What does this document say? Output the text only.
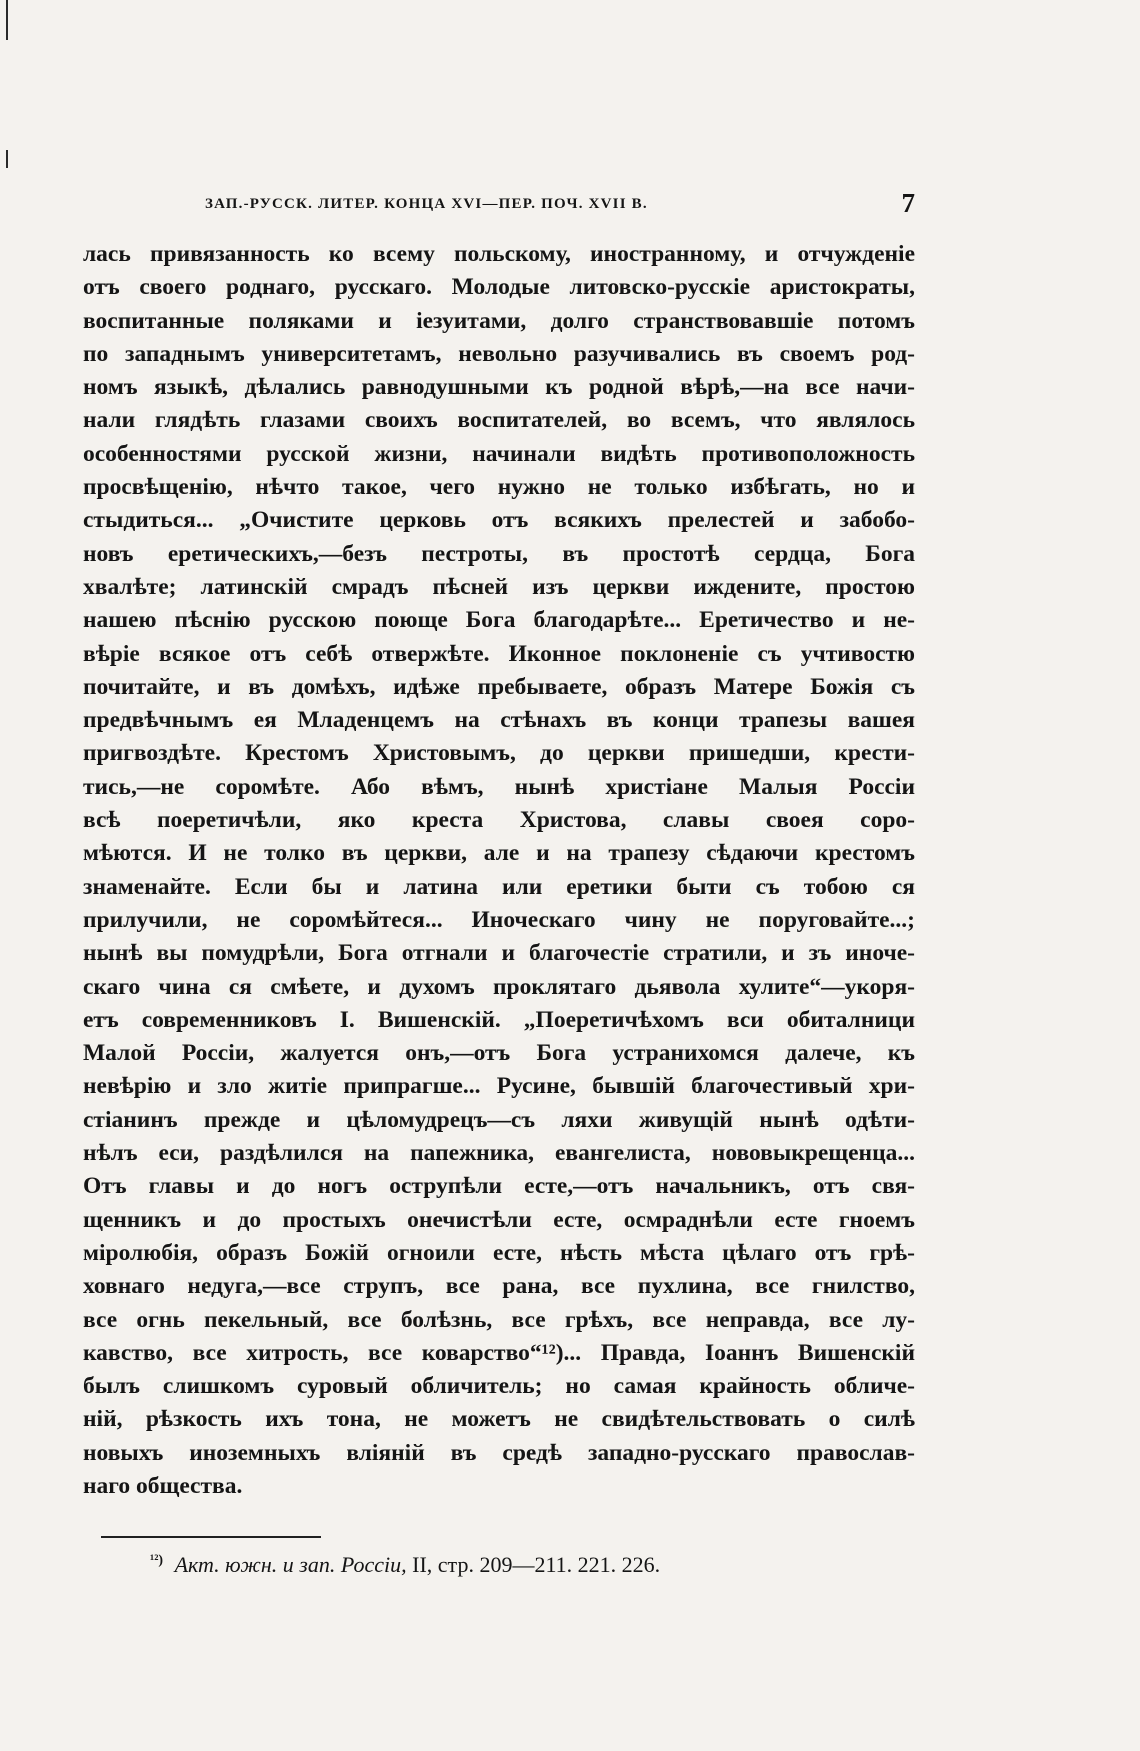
ЗАП.-РУССК. ЛИТЕР. КОНЦА XVI—ПЕР. ПОЧ. XVII В.	7
лась привязанность ко всему польскому, иностранному, и отчужденіе
отъ своего роднаго, русскаго. Молодые литовско-русскіе аристократы,
воспитанные поляками и іезуитами, долго странствовавшіе потомъ
по западнымъ университетамъ, невольно разучивались въ своемъ род-
номъ языкѣ, дѣлались равнодушными къ родной вѣрѣ,—на все начи-
нали глядѣть глазами своихъ воспитателей, во всемъ, что являлось
особенностями русской жизни, начинали видѣть противоположность
просвѣщенію, нѣчто такое, чего нужно не только избѣгать, но и
стыдиться... „Очистите церковь отъ всякихъ прелестей и забобо-
новъ еретическихъ,—безъ пестроты, въ простотѣ сердца, Бога
хвалѣте; латинскій смрадъ пѣсней изъ церкви иждените, простою
нашею пѣснію русскою поюще Бога благодарѣте... Еретичество и не-
вѣріе всякое отъ себѣ отвержѣте. Иконное поклоненіе съ учтивостю
почитайте, и въ домѣхъ, идѣже пребываете, образъ Матере Божія съ
предвѣчнымъ ея Младенцемъ на стѣнахъ въ конци трапезы вашея
пригвоздѣте. Крестомъ Христовымъ, до церкви пришедши, крести-
тись,—не соромѣте. Або вѣмъ, нынѣ христіане Малыя Россіи
всѣ поеретичѣли, яко креста Христова, славы своея соро-
мѣются. И не толко въ церкви, але и на трапезу сѣдаючи крестомъ
знаменайте. Если бы и латина или еретики быти съ тобою ся
прилучили, не соромѣйтеся... Иноческаго чину не поруговайте...;
нынѣ вы помудрѣли, Бога отгнали и благочестіе стратили, и зъ иноче-
скаго чина ся смѣете, и духомъ проклятаго дьявола хулите“—укоря-
етъ современниковъ І. Вишенскій. „Поеретичѣхомъ вси обиталници
Малой Россіи, жалуется онъ,—отъ Бога устранихомся далече, къ
невѣрію и зло житіе припрагше... Русине, бывшій благочестивый хри-
стіанинъ прежде и цѣломудрецъ—съ ляхи живущій нынѣ одѣти-
нѣлъ еси, раздѣлился на папежника, евангелиста, нововыкрещенца...
Отъ главы и до ногъ острупѣли есте,—отъ начальникъ, отъ свя-
щенникъ и до простыхъ онечистѣли есте, осмраднѣли есте гноемъ
міролюбія, образъ Божій огноили есте, нѣсть мѣста цѣлаго отъ грѣ-
ховнаго недуга,—все струпъ, все рана, все пухлина, все гнилство,
все огнь пекельный, все болѣзнь, все грѣхъ, все неправда, все лу-
кавство, все хитрость, все коварство“¹²)... Правда, Іоаннъ Вишенскій
былъ слишкомъ суровый обличитель; но самая крайность обличе-
ній, рѣзкость ихъ тона, не можетъ не свидѣтельствовать о силѣ
новыхъ иноземныхъ вліяній въ средѣ западно-русскаго православ-
наго общества.
$^{^{12})}$ Акт. южн. и зап. Россіи, II, стр. 209—211. 221. 226.
